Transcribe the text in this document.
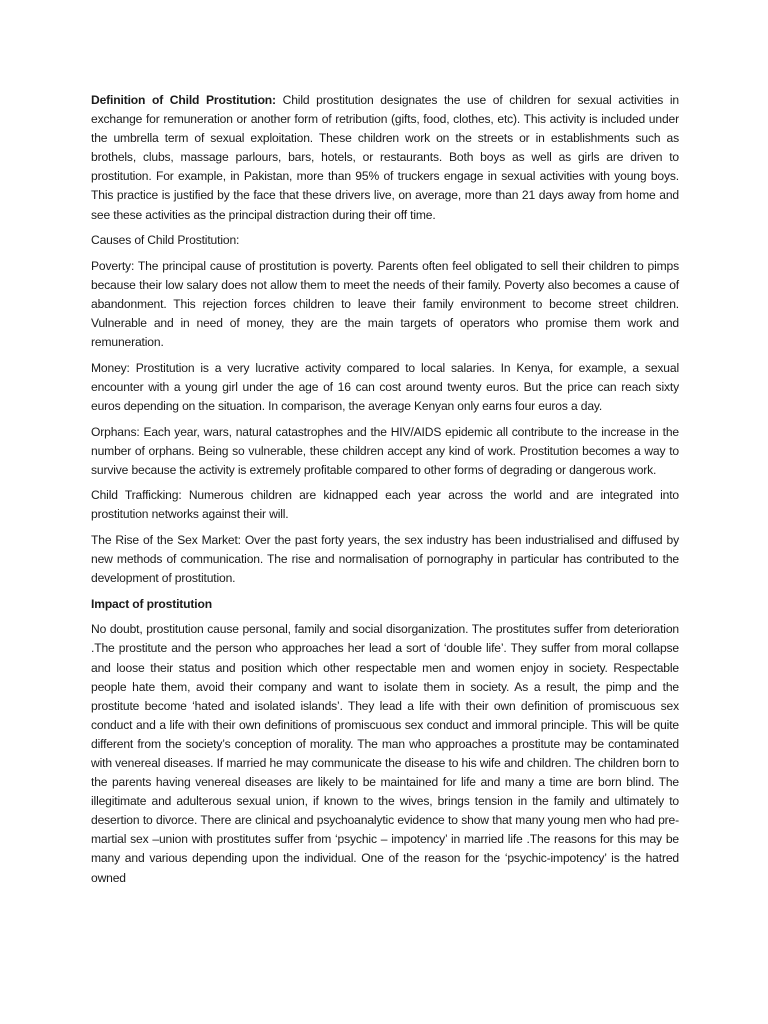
Definition of Child Prostitution: Child prostitution designates the use of children for sexual activities in exchange for remuneration or another form of retribution (gifts, food, clothes, etc). This activity is included under the umbrella term of sexual exploitation. These children work on the streets or in establishments such as brothels, clubs, massage parlours, bars, hotels, or restaurants. Both boys as well as girls are driven to prostitution. For example, in Pakistan, more than 95% of truckers engage in sexual activities with young boys. This practice is justified by the face that these drivers live, on average, more than 21 days away from home and see these activities as the principal distraction during their off time.

Causes of Child Prostitution:

Poverty: The principal cause of prostitution is poverty. Parents often feel obligated to sell their children to pimps because their low salary does not allow them to meet the needs of their family. Poverty also becomes a cause of abandonment. This rejection forces children to leave their family environment to become street children. Vulnerable and in need of money, they are the main targets of operators who promise them work and remuneration.

Money: Prostitution is a very lucrative activity compared to local salaries. In Kenya, for example, a sexual encounter with a young girl under the age of 16 can cost around twenty euros. But the price can reach sixty euros depending on the situation. In comparison, the average Kenyan only earns four euros a day.

Orphans: Each year, wars, natural catastrophes and the HIV/AIDS epidemic all contribute to the increase in the number of orphans. Being so vulnerable, these children accept any kind of work. Prostitution becomes a way to survive because the activity is extremely profitable compared to other forms of degrading or dangerous work.

Child Trafficking: Numerous children are kidnapped each year across the world and are integrated into prostitution networks against their will.

The Rise of the Sex Market: Over the past forty years, the sex industry has been industrialised and diffused by new methods of communication. The rise and normalisation of pornography in particular has contributed to the development of prostitution.

Impact of prostitution

No doubt, prostitution cause personal, family and social disorganization. The prostitutes suffer from deterioration .The prostitute and the person who approaches her lead a sort of ‘double life’. They suffer from moral collapse and loose their status and position which other respectable men and women enjoy in society. Respectable people hate them, avoid their company and want to isolate them in society. As a result, the pimp and the prostitute become ‘hated and isolated islands’. They lead a life with their own definition of promiscuous sex conduct and a life with their own definitions of promiscuous sex conduct and immoral principle. This will be quite different from the society’s conception of morality. The man who approaches a prostitute may be contaminated with venereal diseases. If married he may communicate the disease to his wife and children. The children born to the parents having venereal diseases are likely to be maintained for life and many a time are born blind. The illegitimate and adulterous sexual union, if known to the wives, brings tension in the family and ultimately to desertion to divorce. There are clinical and psychoanalytic evidence to show that many young men who had pre-martial sex –union with prostitutes suffer from ‘psychic – impotency’ in married life .The reasons for this may be many and various depending upon the individual. One of the reason for the ‘psychic-impotency’ is the hatred owned
